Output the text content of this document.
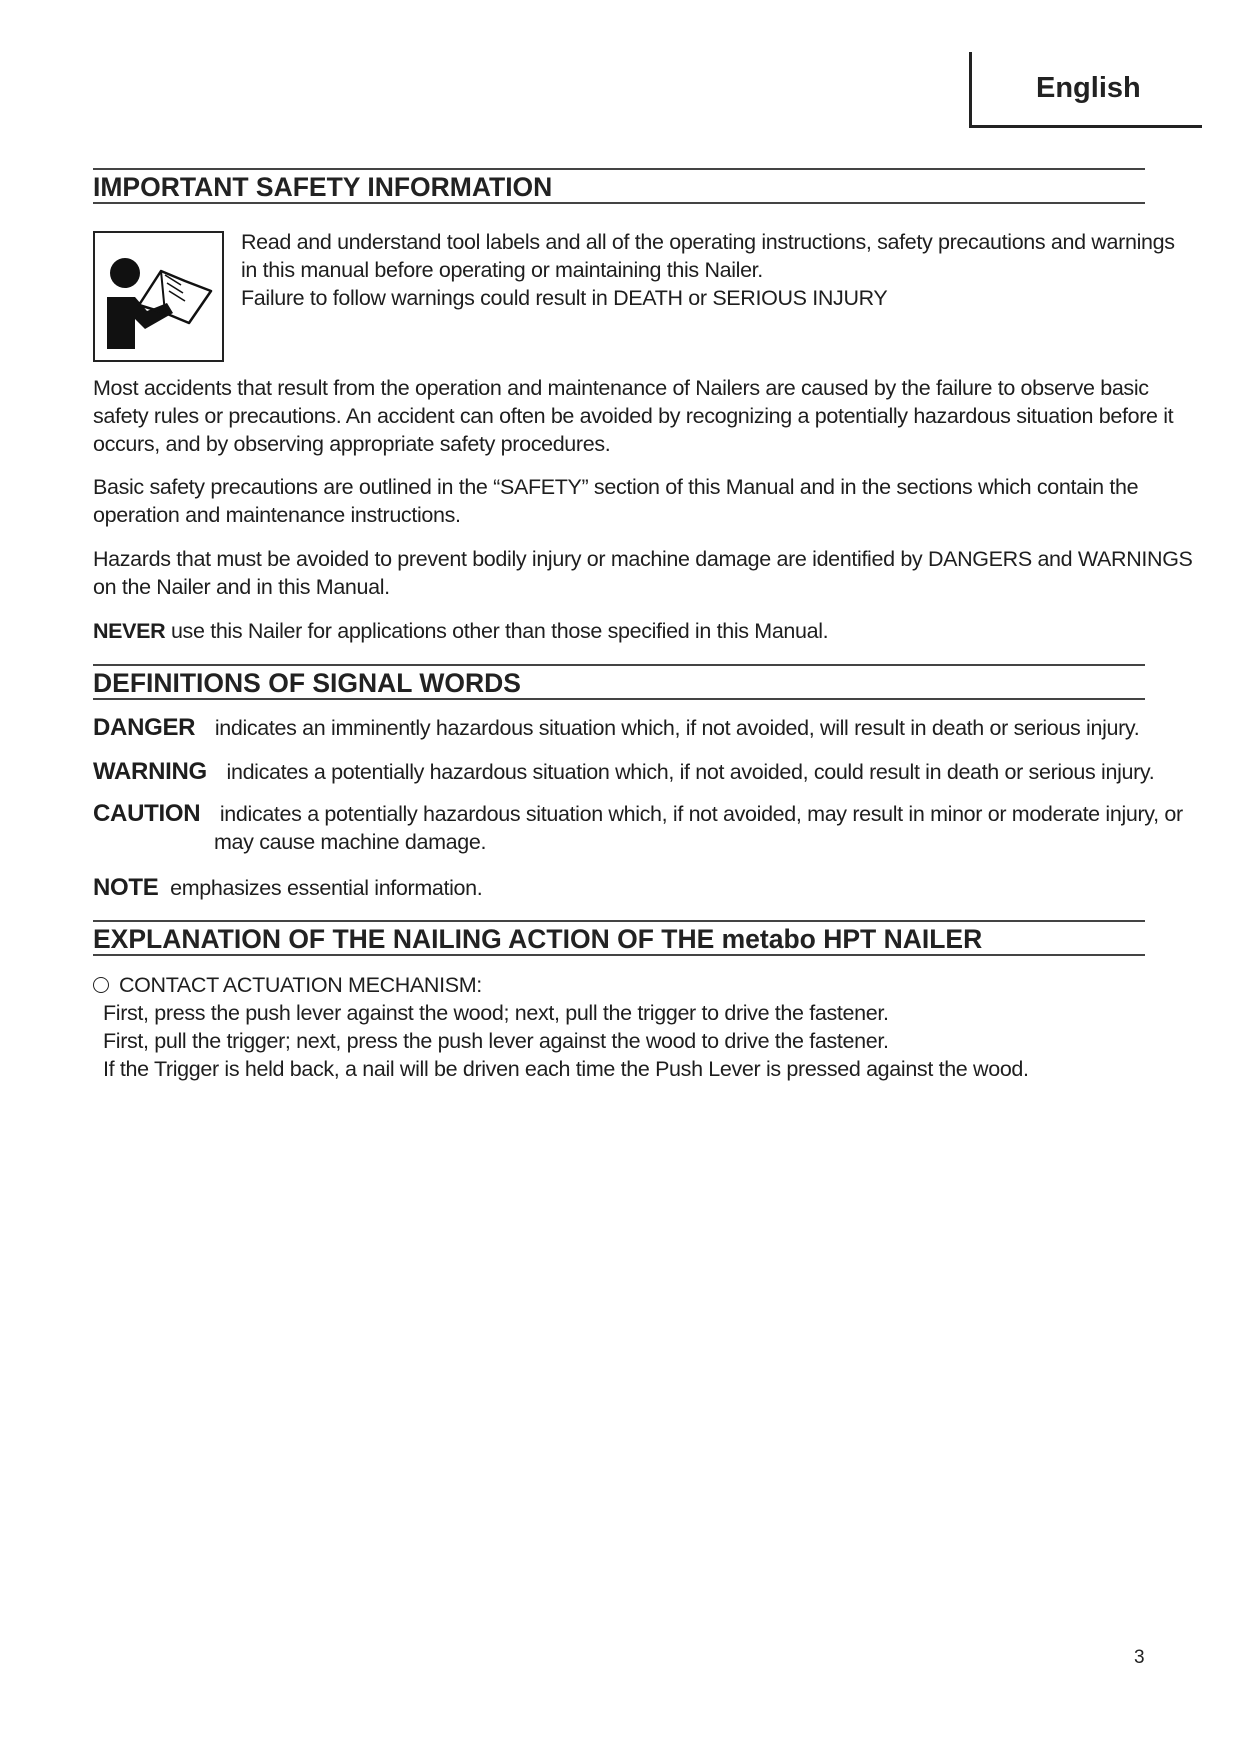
English
IMPORTANT SAFETY INFORMATION
Read and understand tool labels and all of the operating instructions, safety precautions and warnings
in this manual before operating or maintaining this Nailer.
Failure to follow warnings could result in DEATH or SERIOUS INJURY
Most accidents that result from the operation and maintenance of Nailers are caused by the failure to observe basic
safety rules or precautions. An accident can often be avoided by recognizing a potentially hazardous situation before it
occurs, and by observing appropriate safety procedures.
Basic safety precautions are outlined in the “SAFETY” section of this Manual and in the sections which contain the
operation and maintenance instructions.
Hazards that must be avoided to prevent bodily injury or machine damage are identified by DANGERS and WARNINGS
on the Nailer and in this Manual.
NEVER use this Nailer for applications other than those specified in this Manual.
DEFINITIONS OF SIGNAL WORDS
DANGER indicates an imminently hazardous situation which, if not avoided, will result in death or serious injury.
WARNING indicates a potentially hazardous situation which, if not avoided, could result in death or serious injury.
CAUTION indicates a potentially hazardous situation which, if not avoided, may result in minor or moderate injury, or
may cause machine damage.
NOTE emphasizes essential information.
EXPLANATION OF THE NAILING ACTION OF THE metabo HPT NAILER
CONTACT ACTUATION MECHANISM:
First, press the push lever against the wood; next, pull the trigger to drive the fastener.
First, pull the trigger; next, press the push lever against the wood to drive the fastener.
If the Trigger is held back, a nail will be driven each time the Push Lever is pressed against the wood.
3
